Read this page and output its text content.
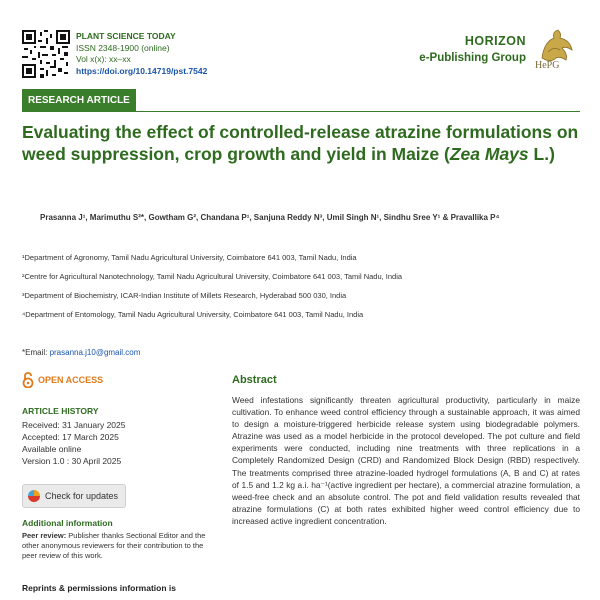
PLANT SCIENCE TODAY
ISSN 2348-1900 (online)
Vol x(x): xx–xx
https://doi.org/10.14719/pst.7542
HORIZON
e-Publishing Group
HePG
RESEARCH ARTICLE
Evaluating the effect of controlled-release atrazine formulations on weed suppression, crop growth and yield in Maize (Zea Mays L.)
Prasanna J¹, Marimuthu S²*, Gowtham G², Chandana P¹, Sanjuna Reddy N³, Umil Singh N¹, Sindhu Sree Y¹ & Pravallika P⁴
¹Department of Agronomy, Tamil Nadu Agricultural University, Coimbatore 641 003, Tamil Nadu, India
²Centre for Agricultural Nanotechnology, Tamil Nadu Agricultural University, Coimbatore 641 003, Tamil Nadu, India
³Department of Biochemistry, ICAR-Indian Institute of Millets Research, Hyderabad 500 030, India
⁴Department of Entomology, Tamil Nadu Agricultural University, Coimbatore 641 003, Tamil Nadu, India
*Email: prasanna.j10@gmail.com
OPEN ACCESS
ARTICLE HISTORY
Received: 31 January 2025
Accepted: 17 March 2025
Available online
Version 1.0 : 30 April 2025
Check for updates
Additional information
Peer review: Publisher thanks Sectional Editor and the other anonymous reviewers for their contribution to the peer review of this work.
Reprints & permissions information is
Abstract
Weed infestations significantly threaten agricultural productivity, particularly in maize cultivation. To enhance weed control efficiency through a sustainable approach, it was aimed to design a moisture-triggered herbicide release system using biodegradable polymers. Atrazine was used as a model herbicide in the protocol developed. The pot culture and field experiments were conducted, including nine treatments with three replications in a Completely Randomized Design (CRD) and Randomized Block Design (RBD) respectively. The treatments comprised three atrazine-loaded hydrogel formulations (A, B and C) at rates of 1.5 and 1.2 kg a.i. ha⁻¹(active ingredient per hectare), a commercial atrazine formulation, a weed-free check and an absolute control. The pot and field validation results revealed that atrazine formulations (C) at both rates exhibited higher weed control efficiency due to increased active ingredient concentration.
